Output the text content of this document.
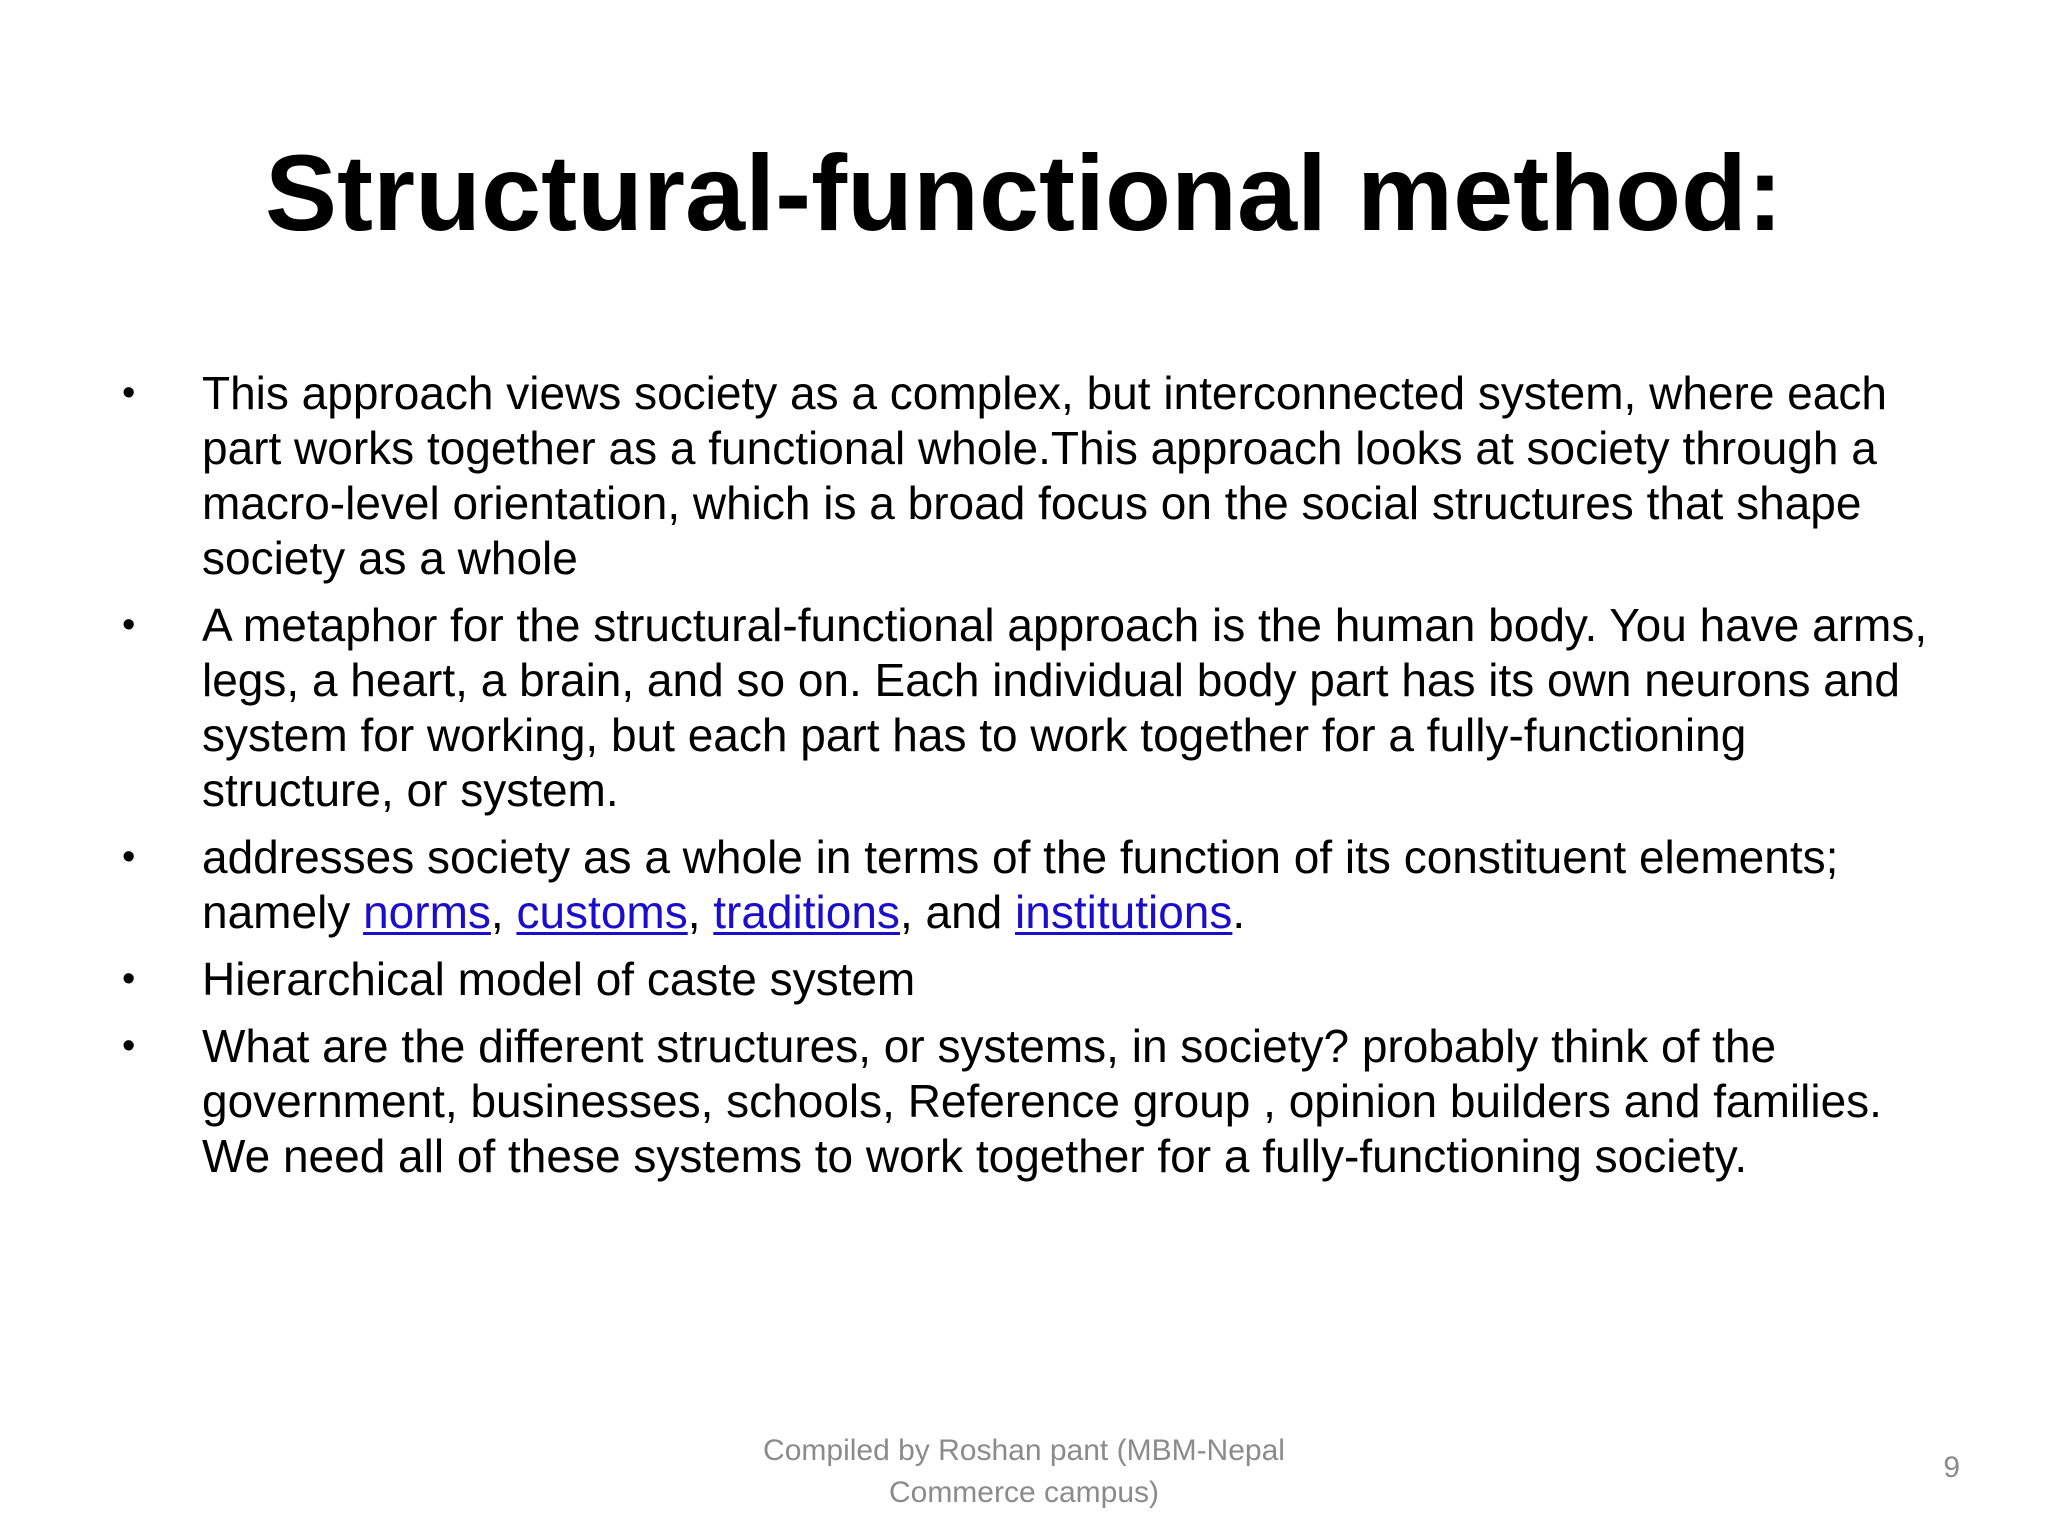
Structural-functional method:
• This approach views society as a complex, but interconnected system, where each part works together as a functional whole.This approach looks at society through a macro-level orientation, which is a broad focus on the social structures that shape society as a whole
• A metaphor for the structural-functional approach is the human body. You have arms, legs, a heart, a brain, and so on. Each individual body part has its own neurons and system for working, but each part has to work together for a fully-functioning structure, or system.
• addresses society as a whole in terms of the function of its constituent elements; namely norms, customs, traditions, and institutions.
• Hierarchical model of caste system
• What are the different structures, or systems, in society? probably think of the government, businesses, schools, Reference group , opinion builders and families. We need all of these systems to work together for a fully-functioning society.
Compiled by Roshan pant (MBM-Nepal
Commerce campus)
9
